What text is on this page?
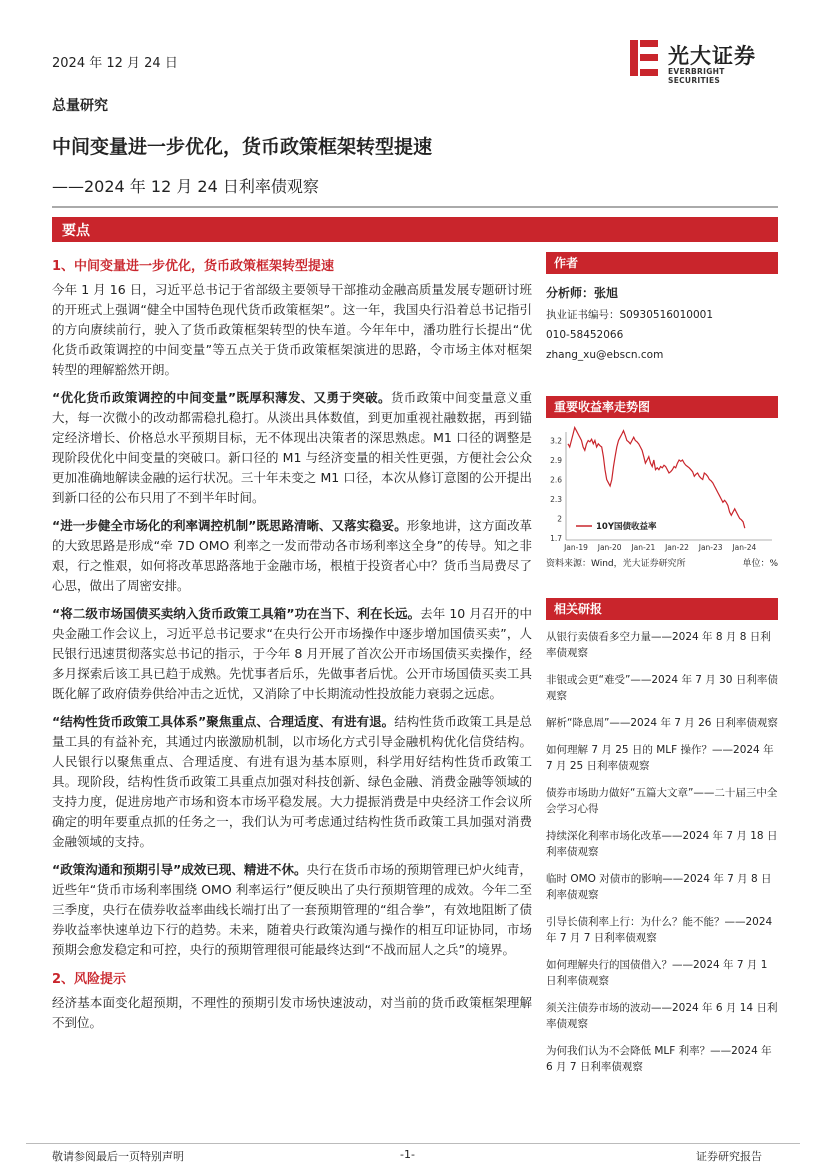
2024 年 12 月 24 日	光大证券
EVERBRIGHT SECURITIES
总量研究
中间变量进一步优化，货币政策框架转型提速
——2024 年 12 月 24 日利率债观察
要点
1、中间变量进一步优化，货币政策框架转型提速

今年 1 月 16 日，习近平总书记于省部级主要领导干部推动金融高质量发展专题研讨班的开班式上强调“健全中国特色现代货币政策框架”。这一年，我国央行沿着总书记指引的方向赓续前行，驶入了货币政策框架转型的快车道。今年年中，潘功胜行长提出“优化货币政策调控的中间变量”等五点关于货币政策框架演进的思路，令市场主体对框架转型的理解豁然开朗。

“优化货币政策调控的中间变量”既厚积薄发、又勇于突破。货币政策中间变量意义重大，每一次微小的改动都需稳扎稳打。从淡出具体数值，到更加重视社融数据，再到锚定经济增长、价格总水平预期目标，无不体现出决策者的深思熟虑。M1 口径的调整是现阶段优化中间变量的突破口。新口径的 M1 与经济变量的相关性更强，方便社会公众更加准确地解读金融的运行状况。三十年未变之 M1 口径，本次从修订意图的公开提出到新口径的公布只用了不到半年时间。

“进一步健全市场化的利率调控机制”既思路清晰、又落实稳妥。形象地讲，这方面改革的大致思路是形成“牵 7D OMO 利率之一发而带动各市场利率这全身”的传导。知之非艰，行之惟艰，如何将改革思路落地于金融市场，根植于投资者心中？货币当局费尽了心思，做出了周密安排。

“将二级市场国债买卖纳入货币政策工具箱”功在当下、利在长远。去年 10 月召开的中央金融工作会议上，习近平总书记要求“在央行公开市场操作中逐步增加国债买卖”，人民银行迅速贯彻落实总书记的指示，于今年 8 月开展了首次公开市场国债买卖操作，经多月探索后该工具已趋于成熟。先忧事者后乐，先做事者后忧。公开市场国债买卖工具既化解了政府债券供给冲击之近忧，又消除了中长期流动性投放能力衰弱之远虑。

“结构性货币政策工具体系”聚焦重点、合理适度、有进有退。结构性货币政策工具是总量工具的有益补充，其通过内嵌激励机制，以市场化方式引导金融机构优化信贷结构。人民银行以聚焦重点、合理适度、有进有退为基本原则，科学用好结构性货币政策工具。现阶段，结构性货币政策工具重点加强对科技创新、绿色金融、消费金融等领域的支持力度，促进房地产市场和资本市场平稳发展。大力提振消费是中央经济工作会议所确定的明年要重点抓的任务之一，我们认为可考虑通过结构性货币政策工具加强对消费金融领域的支持。

“政策沟通和预期引导”成效已现、精进不休。央行在货币市场的预期管理已炉火纯青，近些年“货币市场利率围绕 OMO 利率运行”便反映出了央行预期管理的成效。今年二至三季度，央行在债券收益率曲线长端打出了一套预期管理的“组合拳”，有效地阻断了债券收益率快速单边下行的趋势。未来，随着央行政策沟通与操作的相互印证协同，市场预期会愈发稳定和可控，央行的预期管理很可能最终达到“不战而屈人之兵”的境界。

2、风险提示

经济基本面变化超预期，不理性的预期引发市场快速波动，对当前的货币政策框架理解不到位。

作者
分析师：张旭
执业证书编号：S0930516010001
010-58452066
zhang_xu@ebscn.com
重要收益率走势图
1.7
2
2.3
2.6
2.9
3.2
Jan-19 Jan-20 Jan-21 Jan-22 Jan-23 Jan-24
10Y国债收益率
资料来源：Wind，光大证券研究所	单位：%
相关研报
从银行卖债看多空力量——2024 年 8 月 8 日利率债观察
非银或会更“难受”——2024 年 7 月 30 日利率债观察
解析“降息周”——2024 年 7 月 26 日利率债观察
如何理解 7 月 25 日的 MLF 操作？——2024 年 7 月 25 日利率债观察
债券市场助力做好“五篇大文章”——二十届三中全会学习心得
持续深化利率市场化改革——2024 年 7 月 18 日利率债观察
临时 OMO 对债市的影响——2024 年 7 月 8 日利率债观察
引导长债利率上行：为什么？能不能？——2024 年 7 月 7 日利率债观察
如何理解央行的国债借入？——2024 年 7 月 1 日利率债观察
须关注债券市场的波动——2024 年 6 月 14 日利率债观察
为何我们认为不会降低 MLF 利率？——2024 年 6 月 7 日利率债观察
敬请参阅最后一页特别声明	-1-	证券研究报告
